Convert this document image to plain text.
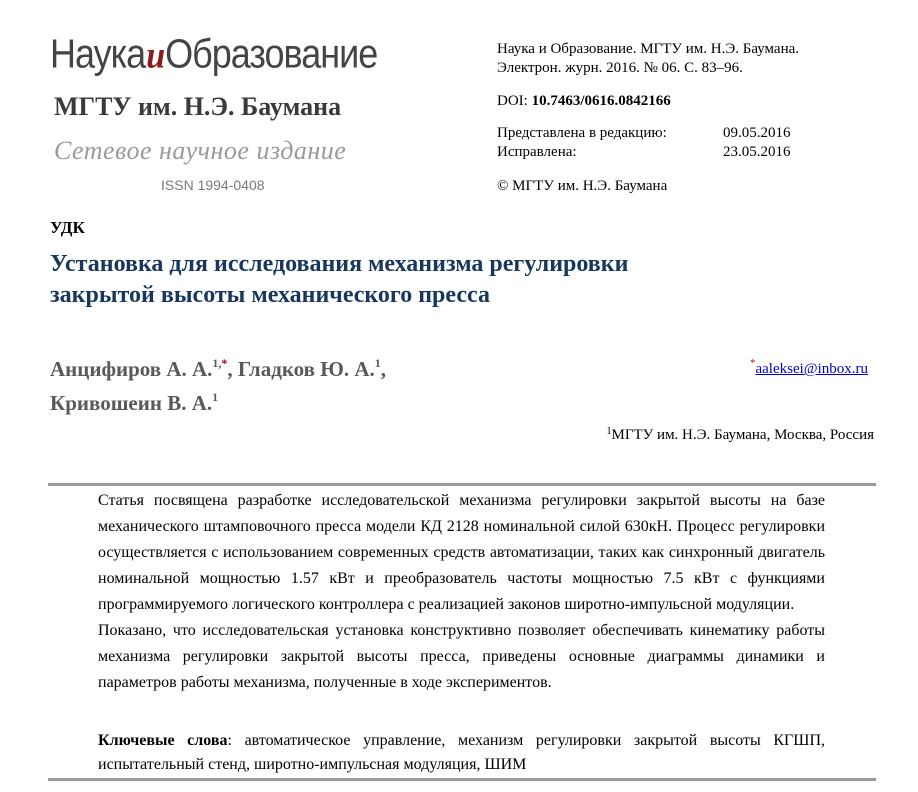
НаукаиОбразование
МГТУ им. Н.Э. Баумана
Сетевое научное издание
ISSN 1994-0408
Наука и Образование. МГТУ им. Н.Э. Баумана.
Электрон. журн. 2016. № 06. С. 83–96.
DOI: 10.7463/0616.0842166
Представлена в редакцию:	09.05.2016
Исправлена:	23.05.2016
© МГТУ им. Н.Э. Баумана
УДК
Установка для исследования механизма регулировки закрытой высоты механического пресса
Анцифиров А. А.$^{1,*}$, Гладков Ю. А.$^1$,
Кривошеин В. А.$^1$
*aaleksei@inbox.ru
$^1$МГТУ им. Н.Э. Баумана, Москва, Россия

Статья посвящена разработке исследовательской механизма регулировки закрытой высоты на базе механического штамповочного пресса модели КД 2128 номинальной силой 630кН. Процесс регулировки осуществляется с использованием современных средств автоматизации, таких как синхронный двигатель номинальной мощностью 1.57 кВт и преобразователь частоты мощностью 7.5 кВт с функциями программируемого логического контроллера с реализацией законов широтно-импульсной модуляции.

Показано, что исследовательская установка конструктивно позволяет обеспечивать кинематику работы механизма регулировки закрытой высоты пресса, приведены основные диаграммы динамики и параметров работы механизма, полученные в ходе экспериментов.

Ключевые слова: автоматическое управление, механизм регулировки закрытой высоты КГШП, испытательный стенд, широтно-импульсная модуляция, ШИМ
